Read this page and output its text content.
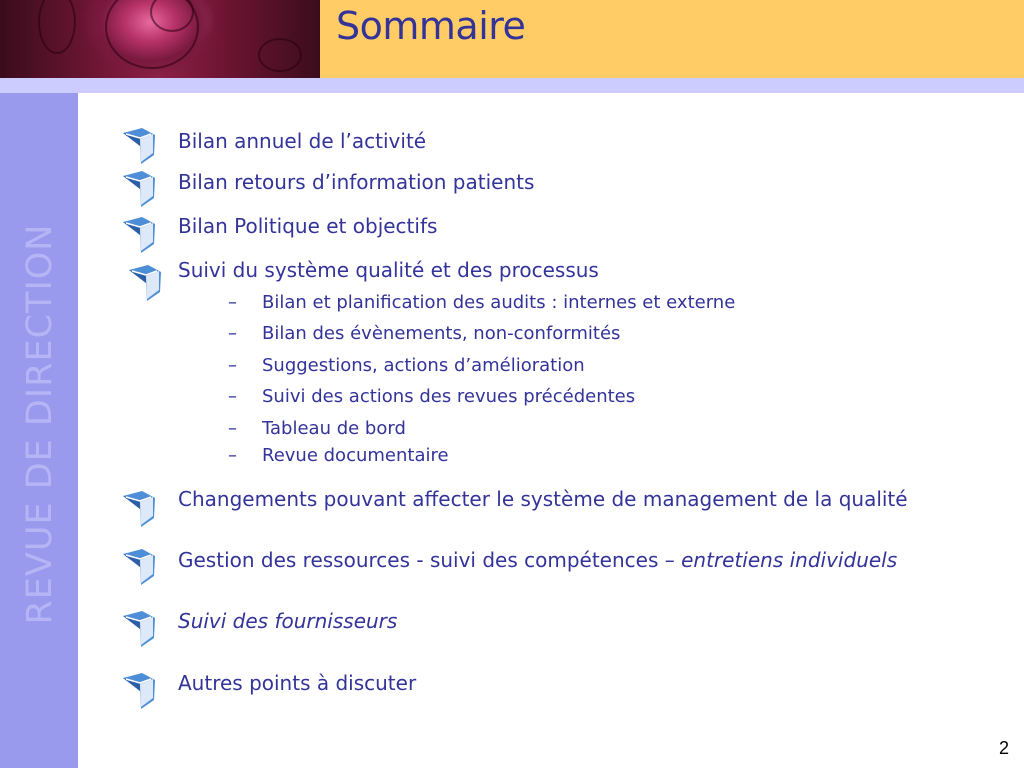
Sommaire
REVUE DE DIRECTION
Bilan annuel de l’activité
Bilan retours d’information patients
Bilan Politique et objectifs
Suivi du système qualité et des processus
– Bilan et planification des audits : internes et externe
– Bilan des évènements, non-conformités
– Suggestions, actions d’amélioration
– Suivi des actions des revues précédentes
– Tableau de bord
– Revue documentaire
Changements pouvant affecter le système de management de la qualité
Gestion des ressources - suivi des compétences – entretiens individuels
Suivi des fournisseurs
Autres points à discuter
2
